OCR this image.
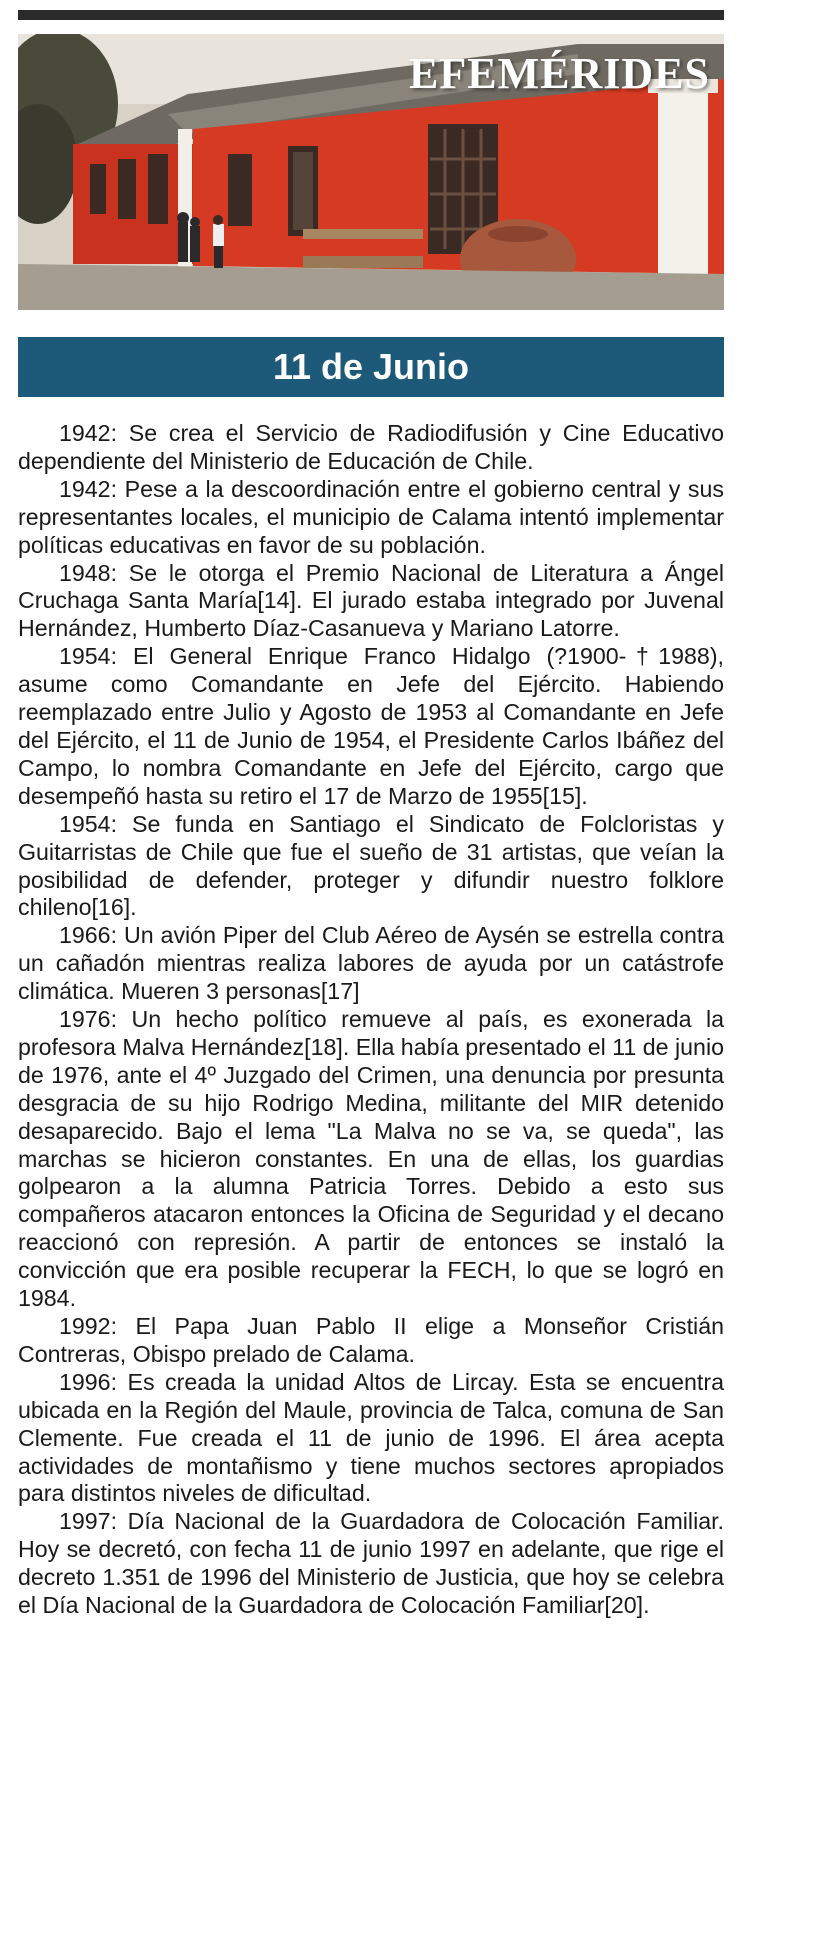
EFEMÉRIDES
11 de Junio

1942: Se crea el Servicio de Radiodifusión y Cine Educativo dependiente del Ministerio de Educación de Chile.

1942: Pese a la descoordinación entre el gobierno central y sus representantes locales, el municipio de Calama intentó implementar políticas educativas en favor de su población.

1948: Se le otorga el Premio Nacional de Literatura a Ángel Cruchaga Santa María[14]. El jurado estaba integrado por Juvenal Hernández, Humberto Díaz-Casanueva y Mariano Latorre.

1954: El General Enrique Franco Hidalgo (?1900-†1988), asume como Comandante en Jefe del Ejército. Habiendo reemplazado entre Julio y Agosto de 1953 al Comandante en Jefe del Ejército, el 11 de Junio de 1954, el Presidente Carlos Ibáñez del Campo, lo nombra Comandante en Jefe del Ejército, cargo que desempeñó hasta su retiro el 17 de Marzo de 1955[15].

1954: Se funda en Santiago el Sindicato de Folcloristas y Guitarristas de Chile que fue el sueño de 31 artistas, que veían la posibilidad de defender, proteger y difundir nuestro folklore chileno[16].

1966: Un avión Piper del Club Aéreo de Aysén se estrella contra un cañadón mientras realiza labores de ayuda por un catástrofe climática. Mueren 3 personas[17]

1976: Un hecho político remueve al país, es exonerada la profesora Malva Hernández[18]. Ella había presentado el 11 de junio de 1976, ante el 4º Juzgado del Crimen, una denuncia por presunta desgracia de su hijo Rodrigo Medina, militante del MIR detenido desaparecido. Bajo el lema "La Malva no se va, se queda", las marchas se hicieron constantes. En una de ellas, los guardias golpearon a la alumna Patricia Torres. Debido a esto sus compañeros atacaron entonces la Oficina de Seguridad y el decano reaccionó con represión. A partir de entonces se instaló la convicción que era posible recuperar la FECH, lo que se logró en 1984.

1992: El Papa Juan Pablo II elige a Monseñor Cristián Contreras, Obispo prelado de Calama.

1996: Es creada la unidad Altos de Lircay. Esta se encuentra ubicada en la Región del Maule, provincia de Talca, comuna de San Clemente. Fue creada el 11 de junio de 1996. El área acepta actividades de montañismo y tiene muchos sectores apropiados para distintos niveles de dificultad.

1997: Día Nacional de la Guardadora de Colocación Familiar. Hoy se decretó, con fecha 11 de junio 1997 en adelante, que rige el decreto 1.351 de 1996 del Ministerio de Justicia, que hoy se celebra el Día Nacional de la Guardadora de Colocación Familiar[20].
